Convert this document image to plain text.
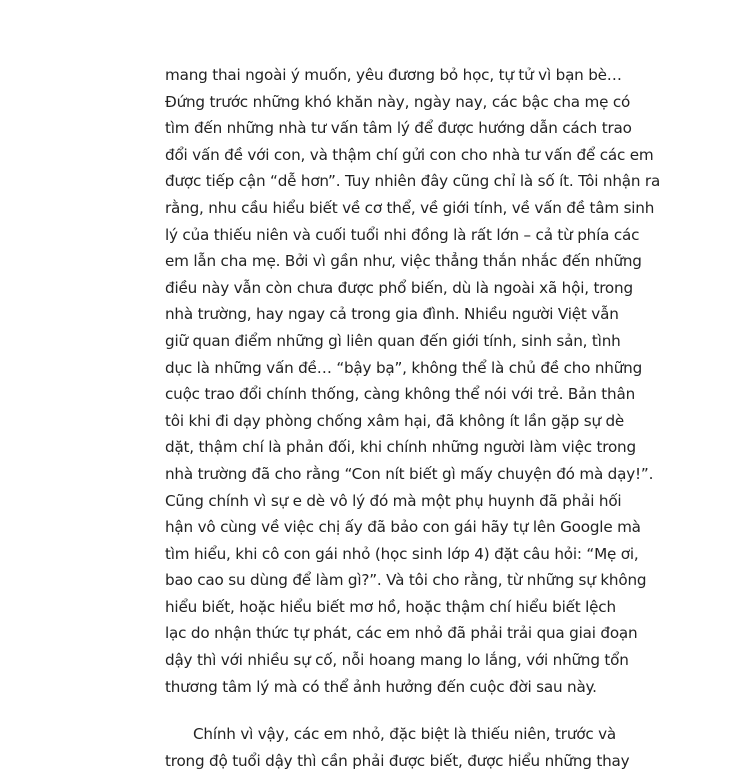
mang thai ngoài ý muốn, yêu đương bỏ học, tự tử vì bạn bè…
Đứng trước những khó khăn này, ngày nay, các bậc cha mẹ có
tìm đến những nhà tư vấn tâm lý để được hướng dẫn cách trao
đổi vấn đề với con, và thậm chí gửi con cho nhà tư vấn để các em
được tiếp cận “dễ hơn”. Tuy nhiên đây cũng chỉ là số ít. Tôi nhận ra
rằng, nhu cầu hiểu biết về cơ thể, về giới tính, về vấn đề tâm sinh
lý của thiếu niên và cuối tuổi nhi đồng là rất lớn – cả từ phía các
em lẫn cha mẹ. Bởi vì gần như, việc thẳng thắn nhắc đến những
điều này vẫn còn chưa được phổ biến, dù là ngoài xã hội, trong
nhà trường, hay ngay cả trong gia đình. Nhiều người Việt vẫn
giữ quan điểm những gì liên quan đến giới tính, sinh sản, tình
dục là những vấn đề… “bậy bạ”, không thể là chủ đề cho những
cuộc trao đổi chính thống, càng không thể nói với trẻ. Bản thân
tôi khi đi dạy phòng chống xâm hại, đã không ít lần gặp sự dè
dặt, thậm chí là phản đối, khi chính những người làm việc trong
nhà trường đã cho rằng “Con nít biết gì mấy chuyện đó mà dạy!”.
Cũng chính vì sự e dè vô lý đó mà một phụ huynh đã phải hối
hận vô cùng về việc chị ấy đã bảo con gái hãy tự lên Google mà
tìm hiểu, khi cô con gái nhỏ (học sinh lớp 4) đặt câu hỏi: “Mẹ ơi,
bao cao su dùng để làm gì?”. Và tôi cho rằng, từ những sự không
hiểu biết, hoặc hiểu biết mơ hồ, hoặc thậm chí hiểu biết lệch
lạc do nhận thức tự phát, các em nhỏ đã phải trải qua giai đoạn
dậy thì với nhiều sự cố, nỗi hoang mang lo lắng, với những tổn
thương tâm lý mà có thể ảnh hưởng đến cuộc đời sau này.
Chính vì vậy, các em nhỏ, đặc biệt là thiếu niên, trước và
trong độ tuổi dậy thì cần phải được biết, được hiểu những thay
